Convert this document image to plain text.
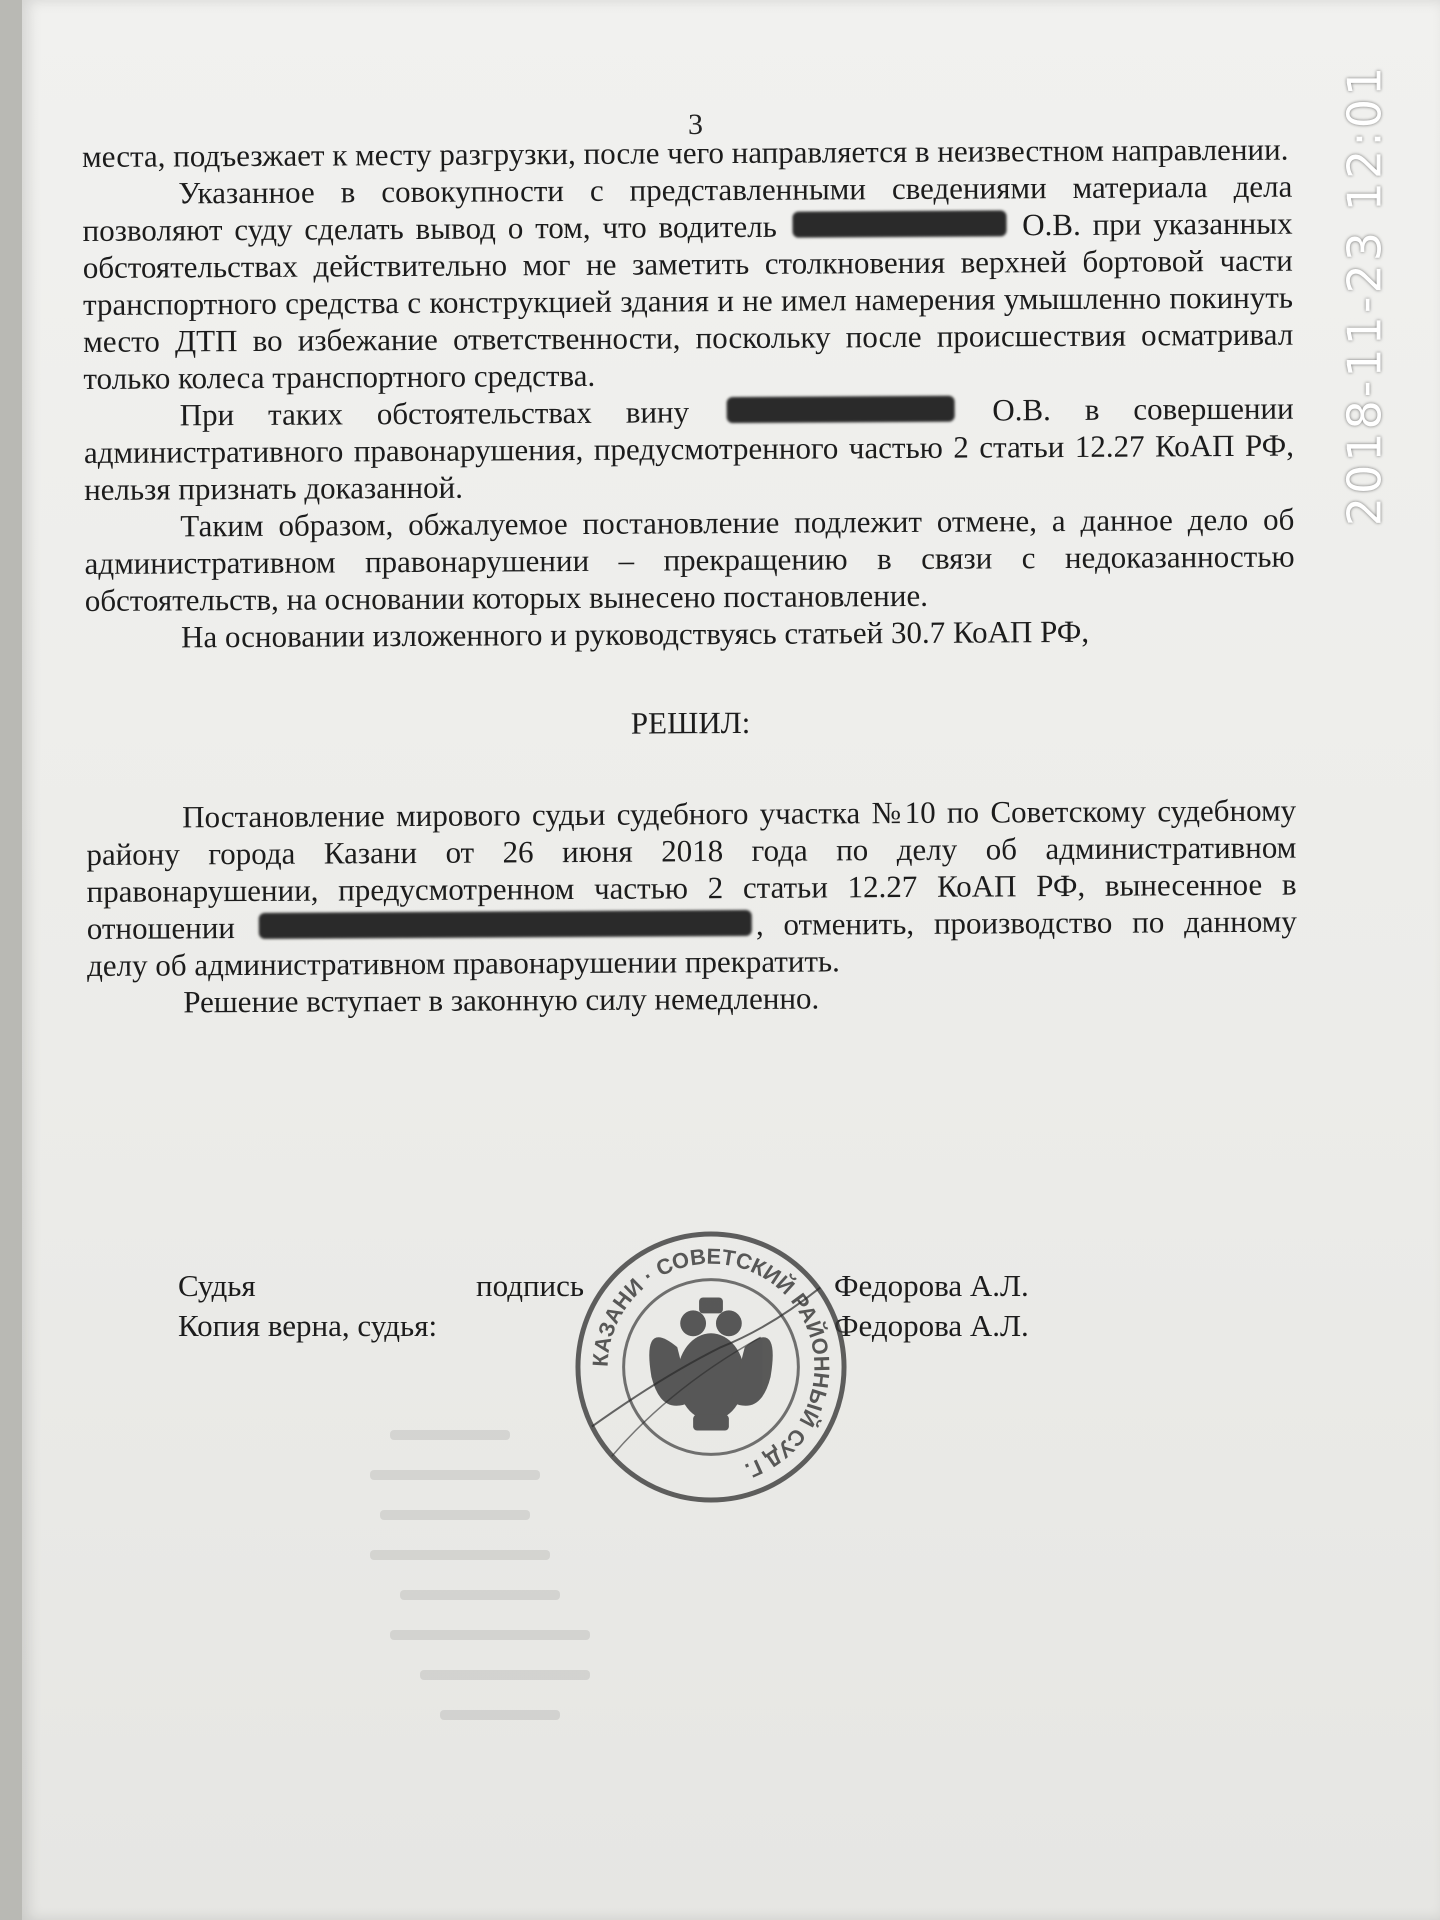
2018-11-23 12:01
3

места, подъезжает к месту разгрузки, после чего направляется в неизвестном направлении.

Указанное в совокупности с представленными сведениями материала дела позволяют суду сделать вывод о том, что водитель	О.В. при указанных обстоятельствах действительно мог не заметить столкновения верхней бортовой части транспортного средства с конструкцией здания и не имел намерения умышленно покинуть место ДТП во избежание ответственности, поскольку после происшествия осматривал только колеса транспортного средства.

При таких обстоятельствах вину	О.В. в совершении административного правонарушения, предусмотренного частью 2 статьи 12.27 КоАП РФ, нельзя признать доказанной.

Таким образом, обжалуемое постановление подлежит отмене, а данное дело об административном правонарушении – прекращению в связи с недоказанностью обстоятельств, на основании которых вынесено постановление.

На основании изложенного и руководствуясь статьей 30.7 КоАП РФ,

РЕШИЛ:

Постановление мирового судьи судебного участка №10 по Советскому судебному району города Казани от 26 июня 2018 года по делу об административном правонарушении, предусмотренном частью 2 статьи 12.27 КоАП РФ, вынесенное в отношении	, отменить, производство по данному делу об административном правонарушении прекратить.

Решение вступает в законную силу немедленно.

Судья	подпись	Федорова А.Л.
Копия верна, судья:	Федорова А.Л.
КАЗАНИ · СОВЕТСКИЙ РАЙОННЫЙ СУД Г.
